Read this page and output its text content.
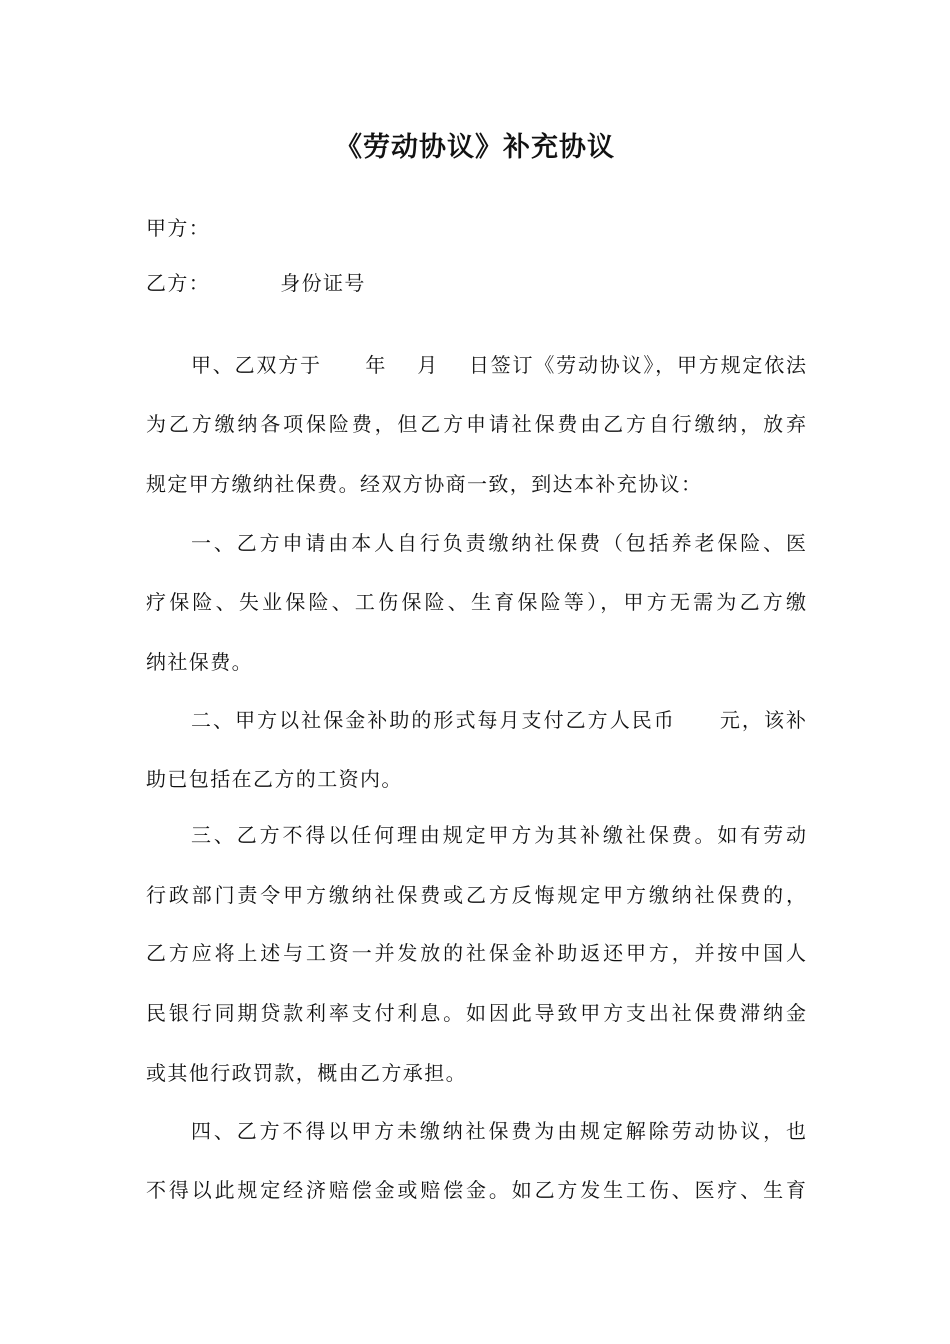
《劳动协议》补充协议
甲方：
乙方：	身份证号
甲、乙双方于　　年　 月　 日签订《劳动协议》，甲方规定依法
为乙方缴纳各项保险费，但乙方申请社保费由乙方自行缴纳，放弃
规定甲方缴纳社保费。经双方协商一致，到达本补充协议：
一、乙方申请由本人自行负责缴纳社保费（包括养老保险、医
疗保险、失业保险、工伤保险、生育保险等），甲方无需为乙方缴
纳社保费。
二、甲方以社保金补助的形式每月支付乙方人民币　　元，该补
助已包括在乙方的工资内。
三、乙方不得以任何理由规定甲方为其补缴社保费。如有劳动
行政部门责令甲方缴纳社保费或乙方反悔规定甲方缴纳社保费的，
乙方应将上述与工资一并发放的社保金补助返还甲方，并按中国人
民银行同期贷款利率支付利息。如因此导致甲方支出社保费滞纳金
或其他行政罚款，概由乙方承担。
四、乙方不得以甲方未缴纳社保费为由规定解除劳动协议，也
不得以此规定经济赔偿金或赔偿金。如乙方发生工伤、医疗、生育
